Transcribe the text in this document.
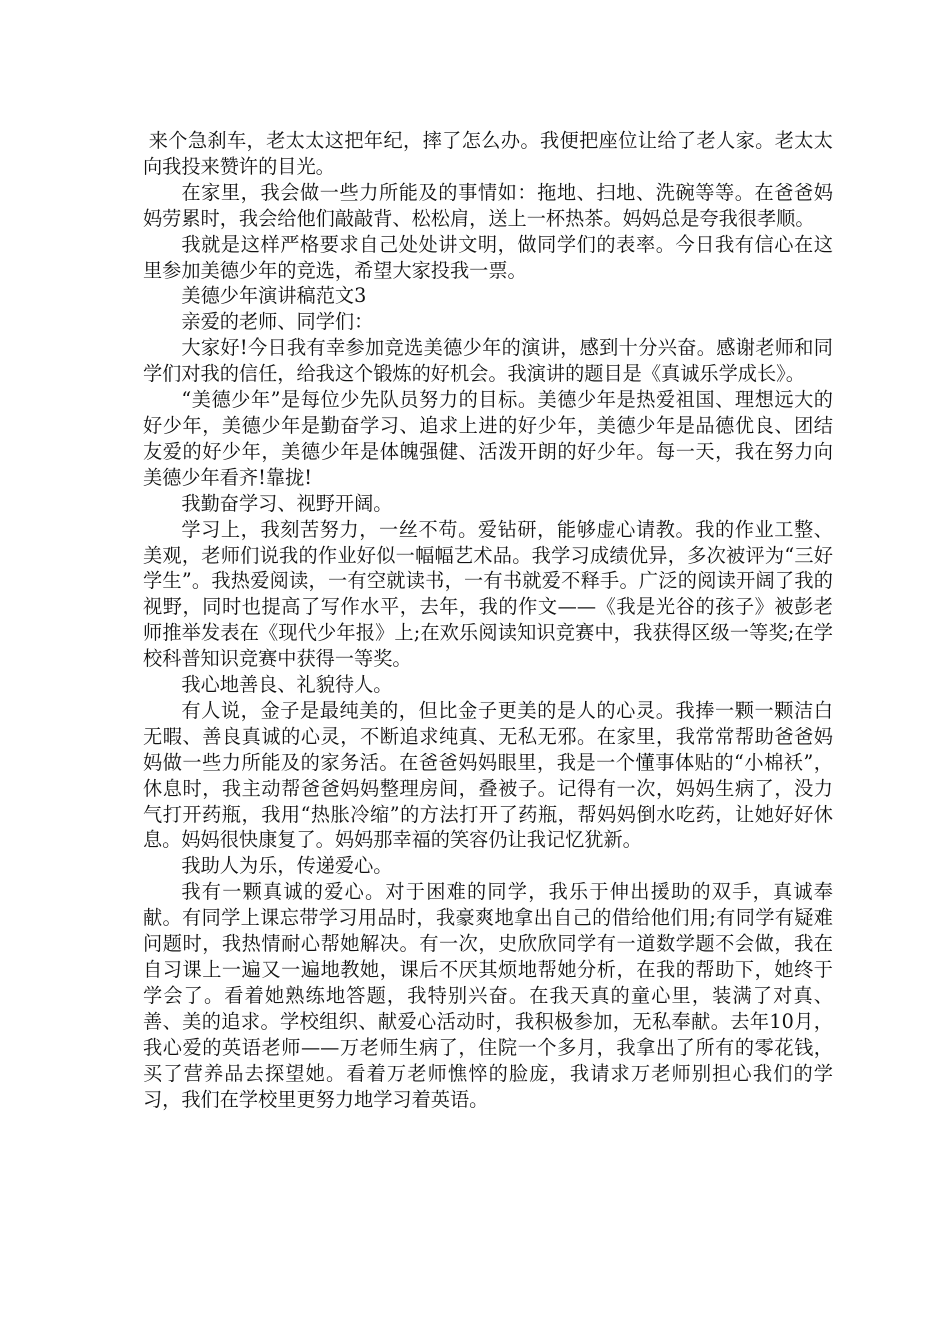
来个急刹车，老太太这把年纪，摔了怎么办。我便把座位让给了老人家。老太太向我投来赞许的目光。

在家里，我会做一些力所能及的事情如：拖地、扫地、洗碗等等。在爸爸妈妈劳累时，我会给他们敲敲背、松松肩，送上一杯热茶。妈妈总是夸我很孝顺。

我就是这样严格要求自己处处讲文明，做同学们的表率。今日我有信心在这里参加美德少年的竞选，希望大家投我一票。

美德少年演讲稿范文3

亲爱的老师、同学们：

大家好!今日我有幸参加竞选美德少年的演讲，感到十分兴奋。感谢老师和同学们对我的信任，给我这个锻炼的好机会。我演讲的题目是《真诚乐学成长》。

“美德少年”是每位少先队员努力的目标。美德少年是热爱祖国、理想远大的好少年，美德少年是勤奋学习、追求上进的好少年，美德少年是品德优良、团结友爱的好少年，美德少年是体魄强健、活泼开朗的好少年。每一天，我在努力向美德少年看齐!靠拢!

我勤奋学习、视野开阔。

学习上，我刻苦努力，一丝不苟。爱钻研，能够虚心请教。我的作业工整、美观，老师们说我的作业好似一幅幅艺术品。我学习成绩优异，多次被评为“三好学生”。我热爱阅读，一有空就读书，一有书就爱不释手。广泛的阅读开阔了我的视野，同时也提高了写作水平，去年，我的作文——《我是光谷的孩子》被彭老师推举发表在《现代少年报》上;在欢乐阅读知识竞赛中，我获得区级一等奖;在学校科普知识竞赛中获得一等奖。

我心地善良、礼貌待人。

有人说，金子是最纯美的，但比金子更美的是人的心灵。我捧一颗一颗洁白无暇、善良真诚的心灵，不断追求纯真、无私无邪。在家里，我常常帮助爸爸妈妈做一些力所能及的家务活。在爸爸妈妈眼里，我是一个懂事体贴的“小棉袄”，休息时，我主动帮爸爸妈妈整理房间，叠被子。记得有一次，妈妈生病了，没力气打开药瓶，我用“热胀冷缩”的方法打开了药瓶，帮妈妈倒水吃药，让她好好休息。妈妈很快康复了。妈妈那幸福的笑容仍让我记忆犹新。

我助人为乐，传递爱心。

我有一颗真诚的爱心。对于困难的同学，我乐于伸出援助的双手，真诚奉献。有同学上课忘带学习用品时，我豪爽地拿出自己的借给他们用;有同学有疑难问题时，我热情耐心帮她解决。有一次，史欣欣同学有一道数学题不会做，我在自习课上一遍又一遍地教她，课后不厌其烦地帮她分析，在我的帮助下，她终于学会了。看着她熟练地答题，我特别兴奋。在我天真的童心里，装满了对真、善、美的追求。学校组织、献爱心活动时，我积极参加，无私奉献。去年10月，我心爱的英语老师——万老师生病了，住院一个多月，我拿出了所有的零花钱，买了营养品去探望她。看着万老师憔悴的脸庞，我请求万老师别担心我们的学习，我们在学校里更努力地学习着英语。
